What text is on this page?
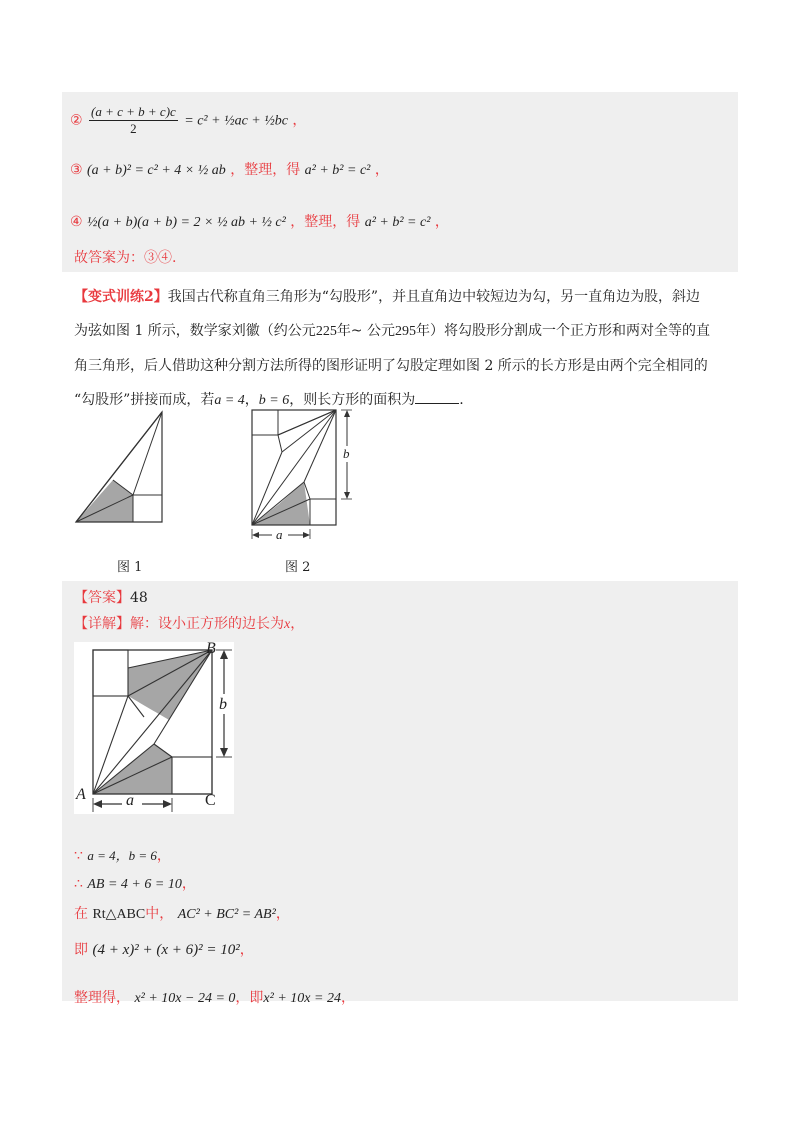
② $\frac{(a + c + b + c)c}{2} = c^2$ + ½ac + ½bc ，
③ (a + b)² = c² + 4 × ½ ab ，整理，得 a² + b² = c² ，
④ ½(a + b)(a + b) = 2 × ½ ab + ½ c² ，整理，得 a² + b² = c² ，
故答案为：③④.
【变式训练2】我国古代称直角三角形为“勾股形”，并且直角边中较短边为勾，另一直角边为股，斜边
为弦如图 1 所示，数学家刘徽（约公元225年~ 公元295年）将勾股形分割成一个正方形和两对全等的直
角三角形，后人借助这种分割方法所得的图形证明了勾股定理如图 2 所示的长方形是由两个完全相同的
“勾股形”拼接而成，若a = 4，b = 6，则长方形的面积为	.
图 1
a
b
图 2
【答案】48
【详解】解：设小正方形的边长为x，
A
B
C
a
b
∵ a = 4，b = 6，
∴ AB = 4 + 6 = 10，
在 Rt△ABC中， AC² + BC² = AB²，
即 (4 + x)² + (x + 6)² = 10²，
整理得， x² + 10x − 24 = 0，即x² + 10x = 24，
